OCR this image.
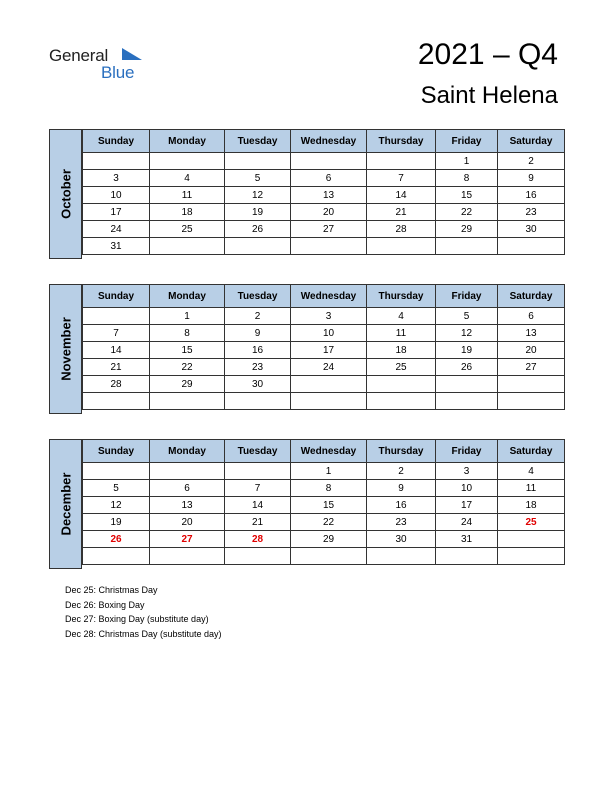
General
Blue
2021 – Q4
Saint Helena
October
Sunday	Monday	Tuesday	Wednesday	Thursday	Friday	Saturday
					1	2
3	4	5	6	7	8	9
10	11	12	13	14	15	16
17	18	19	20	21	22	23
24	25	26	27	28	29	30
31						
November
Sunday	Monday	Tuesday	Wednesday	Thursday	Friday	Saturday
	1	2	3	4	5	6
7	8	9	10	11	12	13
14	15	16	17	18	19	20
21	22	23	24	25	26	27
28	29	30				

December
Sunday	Monday	Tuesday	Wednesday	Thursday	Friday	Saturday
			1	2	3	4
5	6	7	8	9	10	11
12	13	14	15	16	17	18
19	20	21	22	23	24	25
26	27	28	29	30	31	

Dec 25: Christmas Day
Dec 26: Boxing Day
Dec 27: Boxing Day (substitute day)
Dec 28: Christmas Day (substitute day)
